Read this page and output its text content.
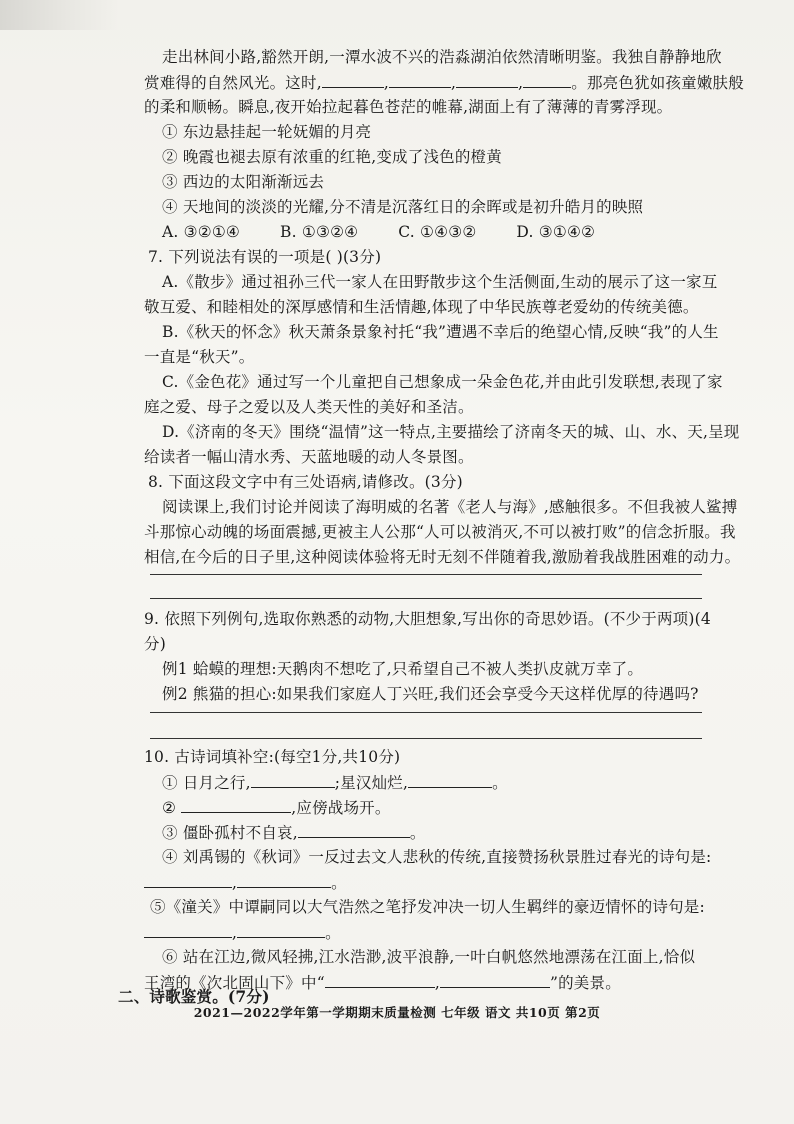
走出林间小路,豁然开朗,一潭水波不兴的浩淼湖泊依然清晰明鉴。我独自静静地欣
赏难得的自然风光。这时,	,	,	,	。那亮色犹如孩童嫩肤般
的柔和顺畅。瞬息,夜开始拉起暮色苍茫的帷幕,湖面上有了薄薄的青雾浮现。
① 东边悬挂起一轮妩媚的月亮
② 晚霞也褪去原有浓重的红艳,变成了浅色的橙黄
③ 西边的太阳渐渐远去
④ 天地间的淡淡的光耀,分不清是沉落红日的余晖或是初升皓月的映照
A. ③②①④	B. ①③②④	C. ①④③②	D. ③①④②
7. 下列说法有误的一项是( )(3分)
A.《散步》通过祖孙三代一家人在田野散步这个生活侧面,生动的展示了这一家互
敬互爱、和睦相处的深厚感情和生活情趣,体现了中华民族尊老爱幼的传统美德。
B.《秋天的怀念》秋天萧条景象衬托“我”遭遇不幸后的绝望心情,反映“我”的人生
一直是“秋天”。
C.《金色花》通过写一个儿童把自己想象成一朵金色花,并由此引发联想,表现了家
庭之爱、母子之爱以及人类天性的美好和圣洁。
D.《济南的冬天》围绕“温情”这一特点,主要描绘了济南冬天的城、山、水、天,呈现
给读者一幅山清水秀、天蓝地暖的动人冬景图。
8. 下面这段文字中有三处语病,请修改。(3分)
阅读课上,我们讨论并阅读了海明威的名著《老人与海》,感触很多。不但我被人鲨搏
斗那惊心动魄的场面震撼,更被主人公那“人可以被消灭,不可以被打败”的信念折服。我
相信,在今后的日子里,这种阅读体验将无时无刻不伴随着我,激励着我战胜困难的动力。
9. 依照下列例句,选取你熟悉的动物,大胆想象,写出你的奇思妙语。(不少于两项)(4
分)
例1 蛤蟆的理想:天鹅肉不想吃了,只希望自己不被人类扒皮就万幸了。
例2 熊猫的担心:如果我们家庭人丁兴旺,我们还会享受今天这样优厚的待遇吗?
10. 古诗词填补空:(每空1分,共10分)
① 日月之行,	;星汉灿烂,	。
②	,应傍战场开。
③ 僵卧孤村不自哀,	。
④ 刘禹锡的《秋词》一反过去文人悲秋的传统,直接赞扬秋景胜过春光的诗句是:
,	。
⑤《潼关》中谭嗣同以大气浩然之笔抒发冲决一切人生羁绊的豪迈情怀的诗句是:
,	。
⑥ 站在江边,微风轻拂,江水浩渺,波平浪静,一叶白帆悠然地漂荡在江面上,恰似
王湾的《次北固山下》中“	,	”的美景。
二、诗歌鉴赏。(7分)
2021—2022学年第一学期期末质量检测 七年级 语文 共10页 第2页
